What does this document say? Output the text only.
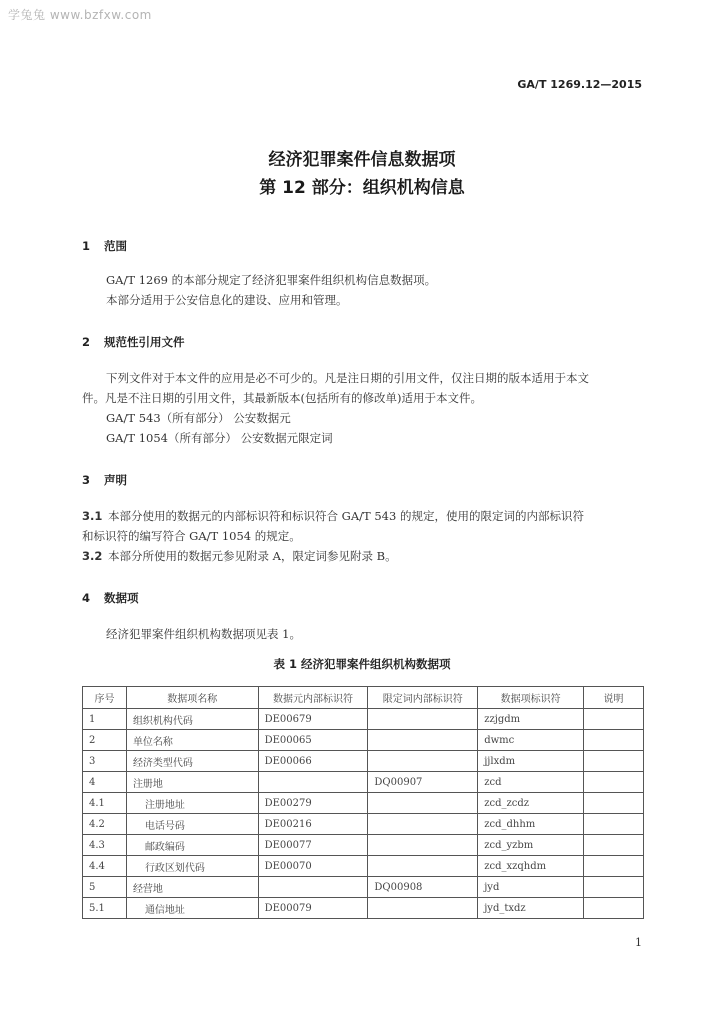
学兔兔 www.bzfxw.com
GA/T 1269.12—2015
经济犯罪案件信息数据项
第 12 部分：组织机构信息
1 范围
GA/T 1269 的本部分规定了经济犯罪案件组织机构信息数据项。
本部分适用于公安信息化的建设、应用和管理。
2 规范性引用文件
下列文件对于本文件的应用是必不可少的。凡是注日期的引用文件，仅注日期的版本适用于本文
件。凡是不注日期的引用文件，其最新版本(包括所有的修改单)适用于本文件。
GA/T 543（所有部分） 公安数据元
GA/T 1054（所有部分） 公安数据元限定词
3 声明
3.1 本部分使用的数据元的内部标识符和标识符合 GA/T 543 的规定，使用的限定词的内部标识符
和标识符的编写符合 GA/T 1054 的规定。
3.2 本部分所使用的数据元参见附录 A，限定词参见附录 B。
4 数据项
经济犯罪案件组织机构数据项见表 1。
表 1 经济犯罪案件组织机构数据项
序号	数据项名称	数据元内部标识符	限定词内部标识符	数据项标识符	说明
1	组织机构代码	DE00679		zzjgdm	
2	单位名称	DE00065		dwmc	
3	经济类型代码	DE00066		jjlxdm	
4	注册地		DQ00907	zcd	
4.1	注册地址	DE00279		zcd_zcdz	
4.2	电话号码	DE00216		zcd_dhhm	
4.3	邮政编码	DE00077		zcd_yzbm	
4.4	行政区划代码	DE00070		zcd_xzqhdm	
5	经营地		DQ00908	jyd	
5.1	通信地址	DE00079		jyd_txdz	
1
